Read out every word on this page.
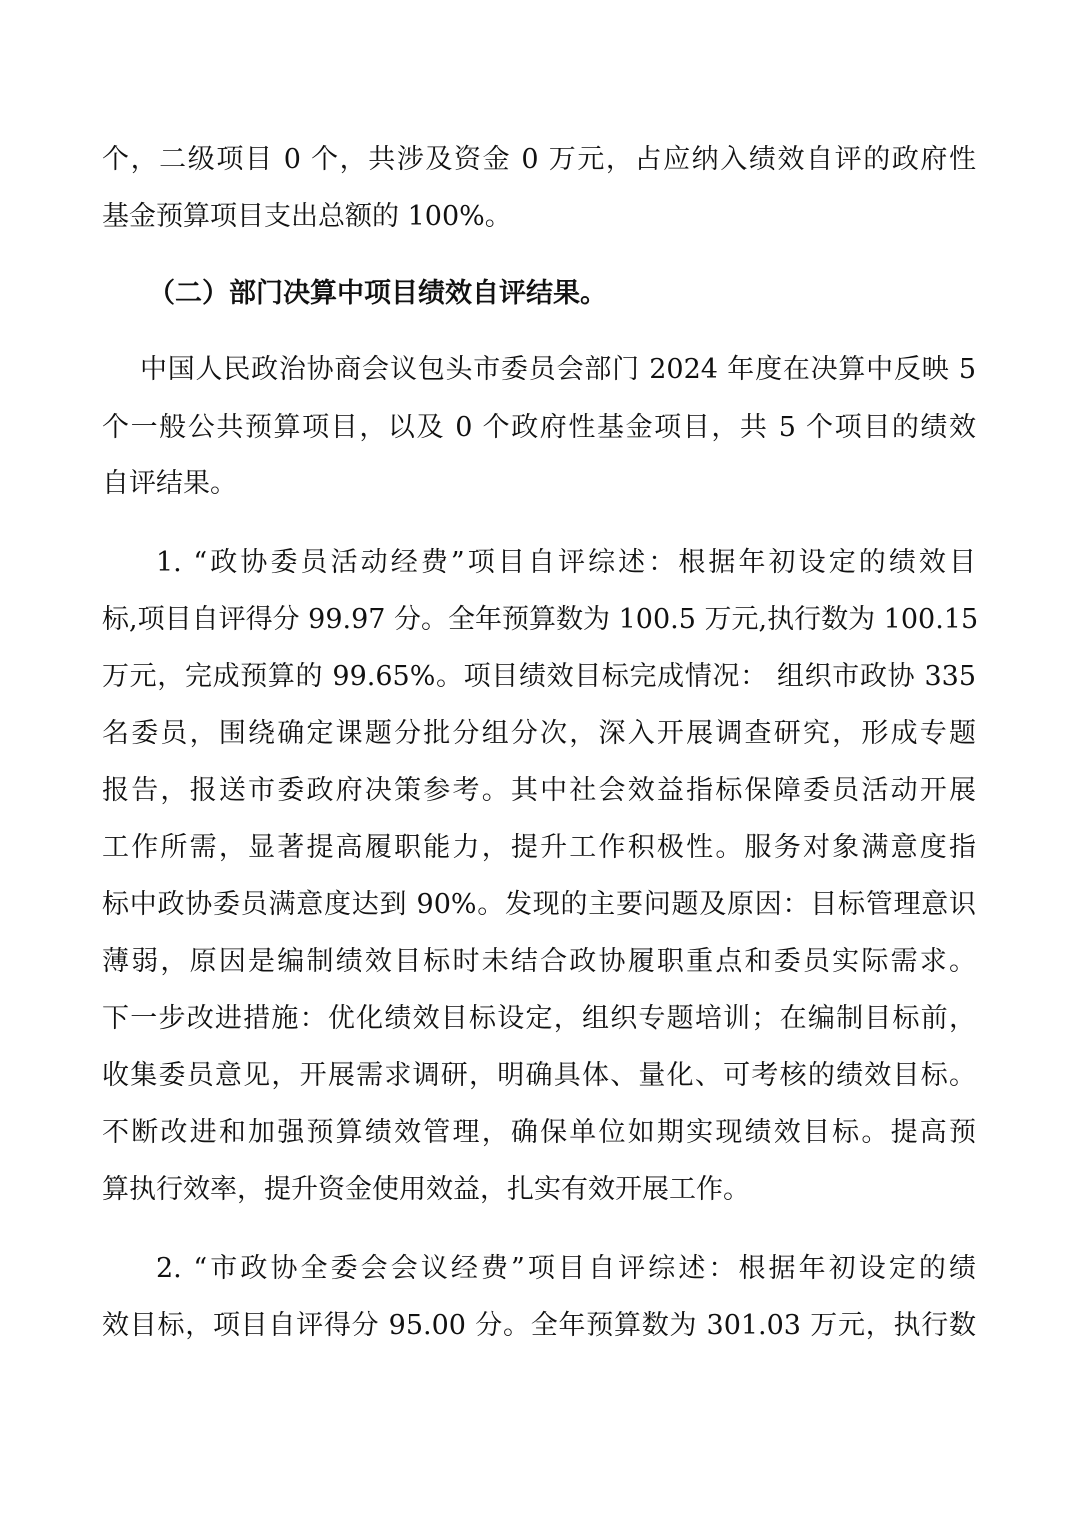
个，二级项目 0 个，共涉及资金 0 万元，占应纳入绩效自评的政府性
基金预算项目支出总额的 100%。
（二）部门决算中项目绩效自评结果。
中国人民政治协商会议包头市委员会部门 2024 年度在决算中反映 5
个一般公共预算项目，以及 0 个政府性基金项目，共 5 个项目的绩效
自评结果。
1. “政协委员活动经费”项目自评综述：根据年初设定的绩效目
标,项目自评得分 99.97 分。全年预算数为 100.5 万元,执行数为 100.15
万元，完成预算的 99.65%。项目绩效目标完成情况： 组织市政协 335
名委员，围绕确定课题分批分组分次，深入开展调查研究，形成专题
报告，报送市委政府决策参考。其中社会效益指标保障委员活动开展
工作所需，显著提高履职能力，提升工作积极性。服务对象满意度指
标中政协委员满意度达到 90%。发现的主要问题及原因：目标管理意识
薄弱，原因是编制绩效目标时未结合政协履职重点和委员实际需求。
下一步改进措施：优化绩效目标设定，组织专题培训；在编制目标前，
收集委员意见，开展需求调研，明确具体、量化、可考核的绩效目标。
不断改进和加强预算绩效管理，确保单位如期实现绩效目标。提高预
算执行效率，提升资金使用效益，扎实有效开展工作。
2. “市政协全委会会议经费”项目自评综述：根据年初设定的绩
效目标，项目自评得分 95.00 分。全年预算数为 301.03 万元，执行数
